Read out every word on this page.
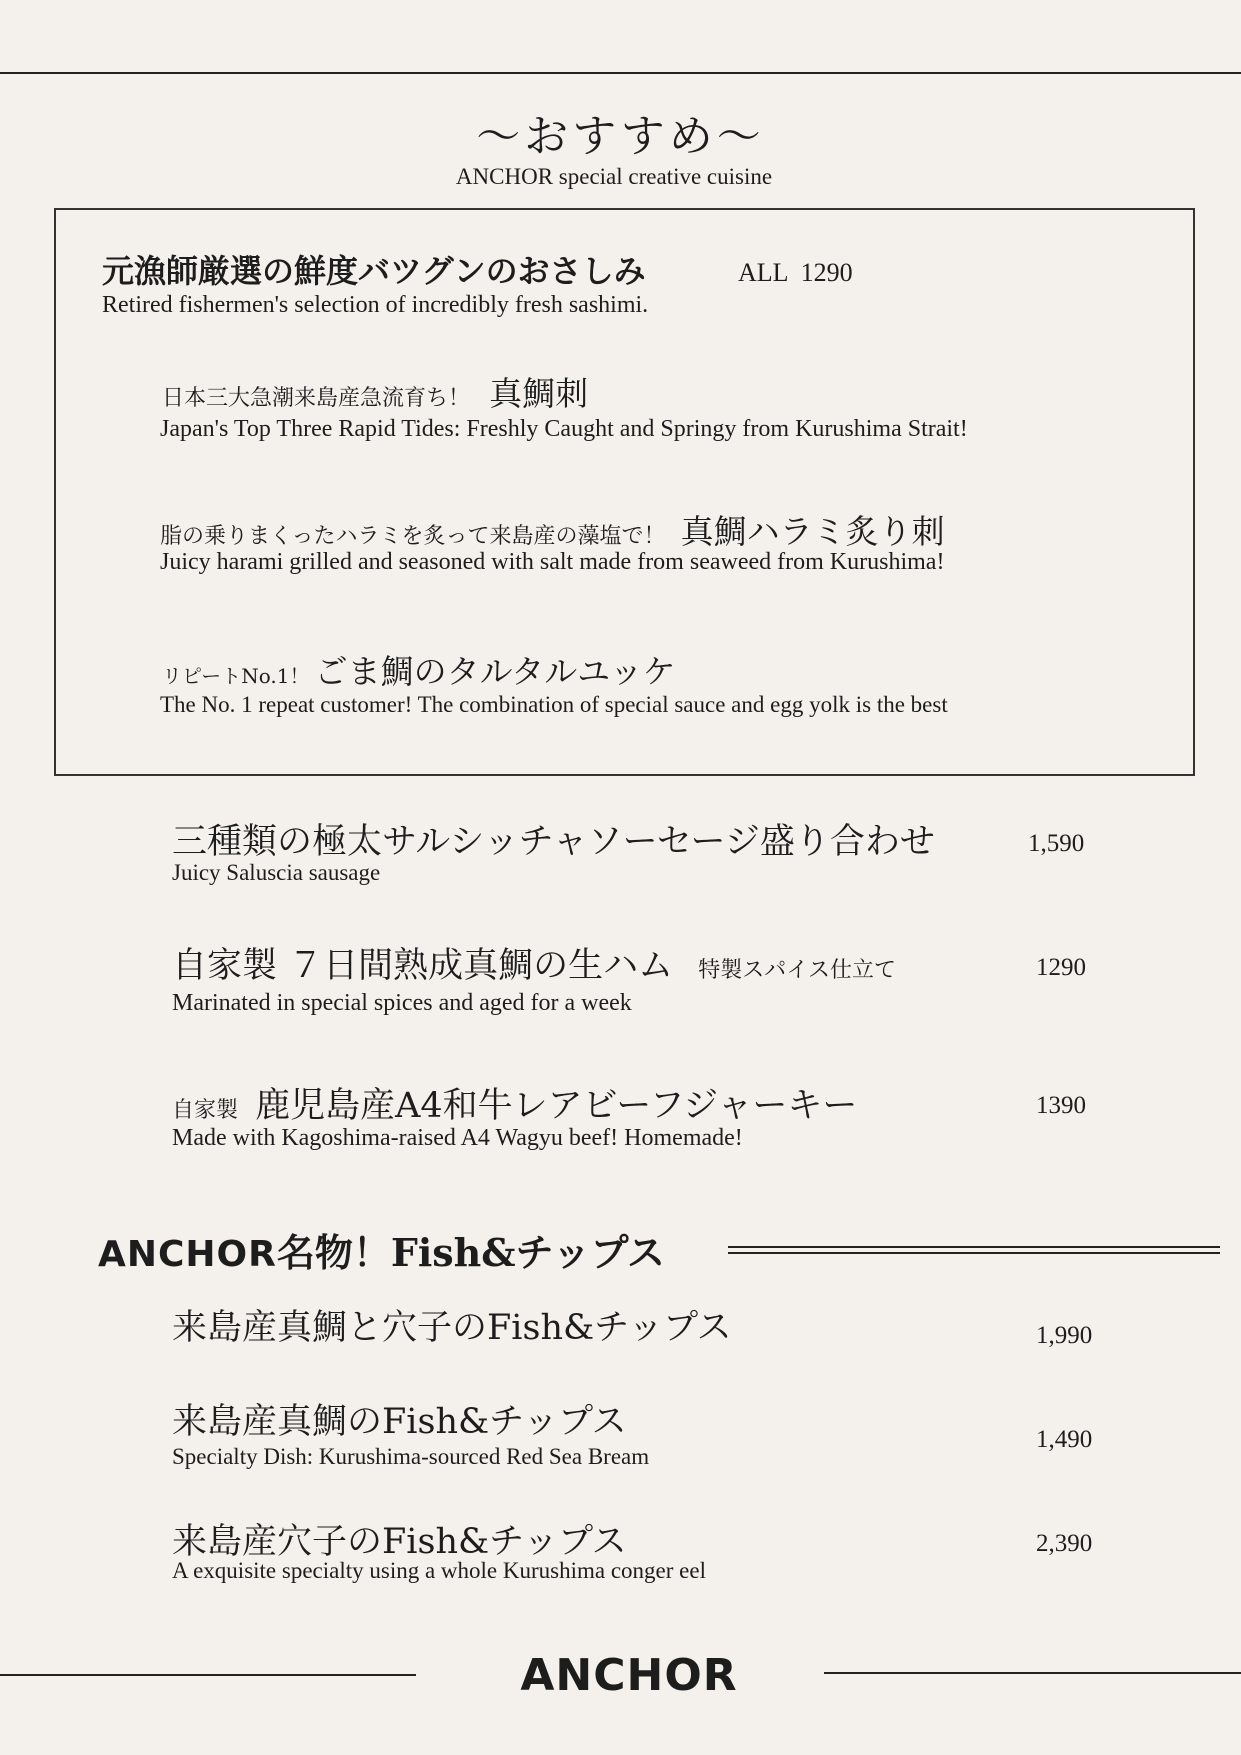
～おすすめ～
ANCHOR special creative cuisine
元漁師厳選の鮮度バツグンのおさしみ	ALL  1290
Retired fishermen's selection of incredibly fresh sashimi.
日本三大急潮来島産急流育ち！ 真鯛刺
Japan's Top Three Rapid Tides: Freshly Caught and Springy from Kurushima Strait!
脂の乗りまくったハラミを炙って来島産の藻塩で！ 真鯛ハラミ炙り刺
Juicy harami grilled and seasoned with salt made from seaweed from Kurushima!
リピートNo.1！ ごま鯛のタルタルユッケ
The No. 1 repeat customer! The combination of special sauce and egg yolk is the best
三種類の極太サルシッチャソーセージ盛り合わせ	1,590
Juicy Saluscia sausage
自家製 ７日間熟成真鯛の生ハム 特製スパイス仕立て	1290
Marinated in special spices and aged for a week
自家製 鹿児島産A4和牛レアビーフジャーキー	1390
Made with Kagoshima-raised A4 Wagyu beef! Homemade!
ANCHOR名物！Fish&チップス
来島産真鯛と穴子のFish&チップス	1,990
来島産真鯛のFish&チップス	1,490
Specialty Dish: Kurushima-sourced Red Sea Bream
来島産穴子のFish&チップス	2,390
A exquisite specialty using a whole Kurushima conger eel
ANCHOR
